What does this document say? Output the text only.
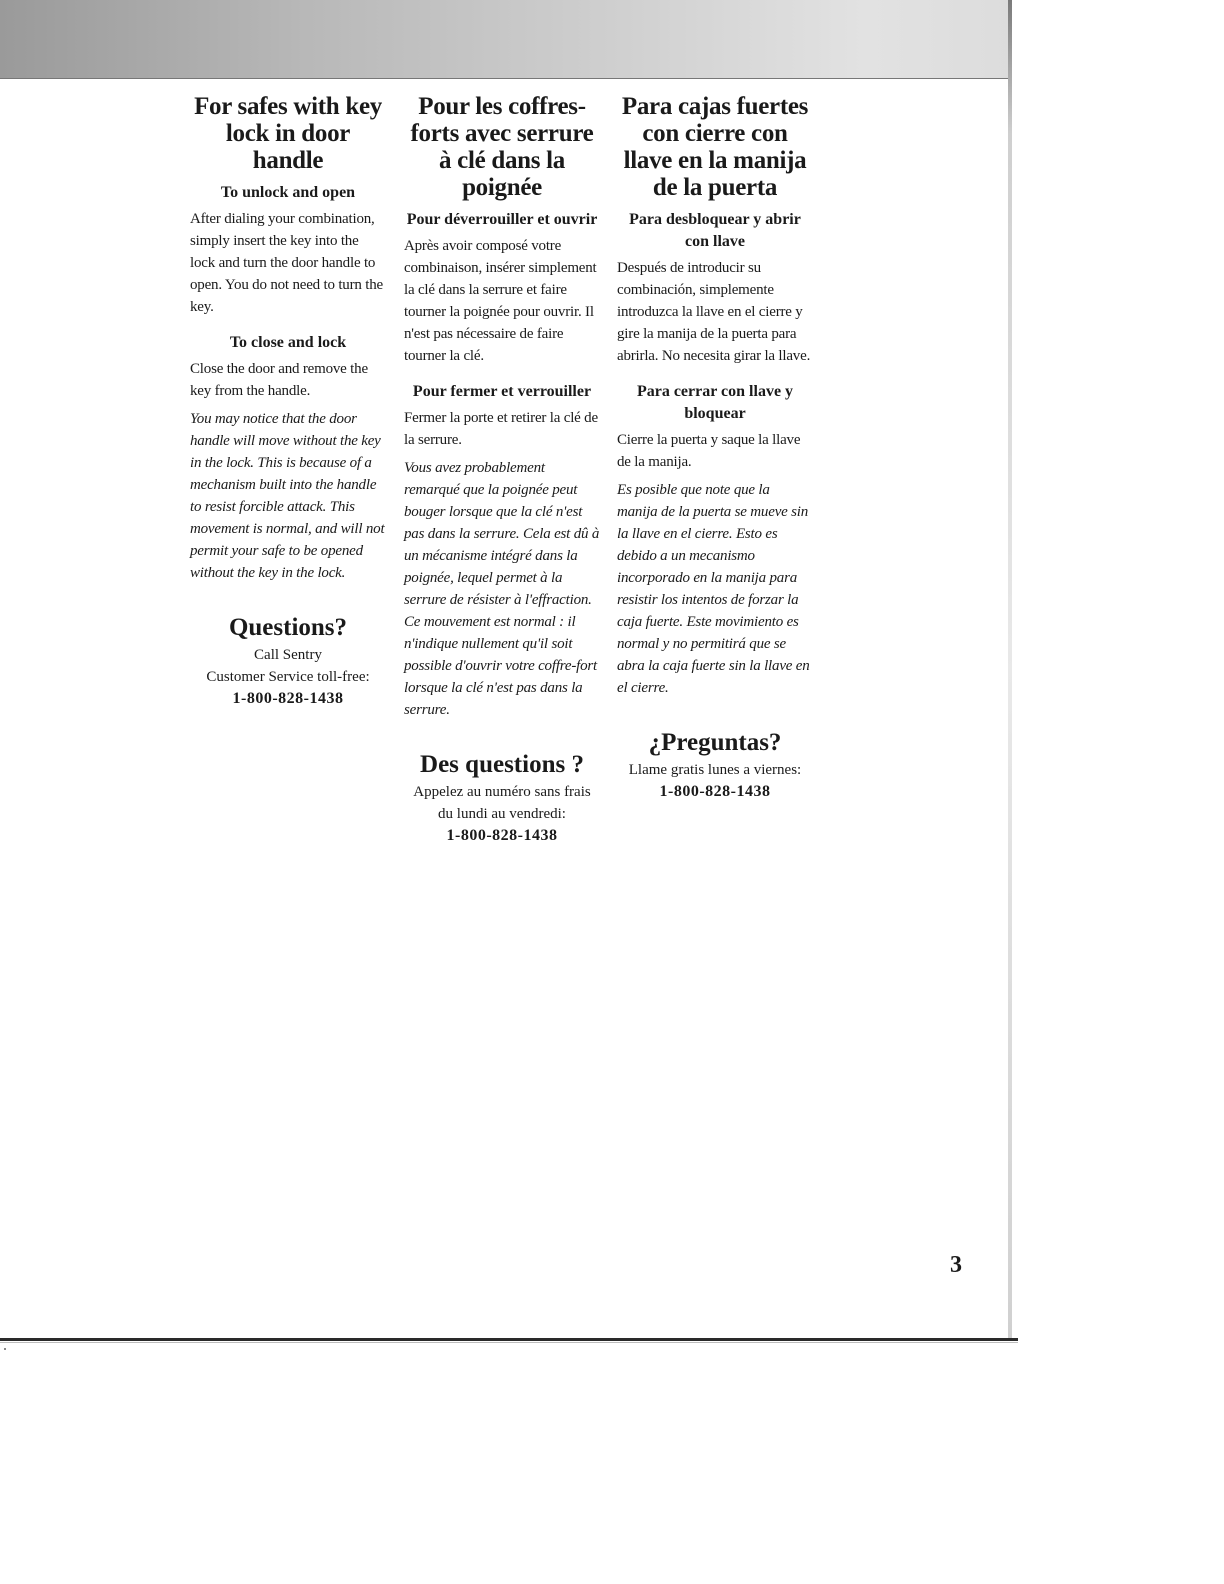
For safes with key lock in door handle
To unlock and open

After dialing your combination, simply insert the key into the lock and turn the door handle to open. You do not need to turn the key.

To close and lock

Close the door and remove the key from the handle.

You may notice that the door handle will move without the key in the lock. This is because of a mechanism built into the handle to resist forcible attack. This movement is normal, and will not permit your safe to be opened without the key in the lock.

Questions?

Call Sentry

Customer Service toll-free:

1-800-828-1438

Pour les coffres-forts avec serrure à clé dans la poignée
Pour déverrouiller et ouvrir

Après avoir composé votre combinaison, insérer simplement la clé dans la serrure et faire tourner la poignée pour ouvrir. Il n'est pas nécessaire de faire tourner la clé.

Pour fermer et verrouiller

Fermer la porte et retirer la clé de la serrure.

Vous avez probablement remarqué que la poignée peut bouger lorsque que la clé n'est pas dans la serrure. Cela est dû à un mécanisme intégré dans la poignée, lequel permet à la serrure de résister à l'effraction. Ce mouvement est normal : il n'indique nullement qu'il soit possible d'ouvrir votre coffre-fort lorsque la clé n'est pas dans la serrure.

Des questions ?

Appelez au numéro sans frais

du lundi au vendredi:

1-800-828-1438

Para cajas fuertes con cierre con llave en la manija de la puerta
Para desbloquear y abrir con llave

Después de introducir su combinación, simplemente introduzca la llave en el cierre y gire la manija de la puerta para abrirla. No necesita girar la llave.

Para cerrar con llave y bloquear

Cierre la puerta y saque la llave de la manija.

Es posible que note que la manija de la puerta se mueve sin la llave en el cierre. Esto es debido a un mecanismo incorporado en la manija para resistir los intentos de forzar la caja fuerte. Este movimiento es normal y no permitirá que se abra la caja fuerte sin la llave en el cierre.

¿Preguntas?

Llame gratis lunes a viernes:

1-800-828-1438

3
